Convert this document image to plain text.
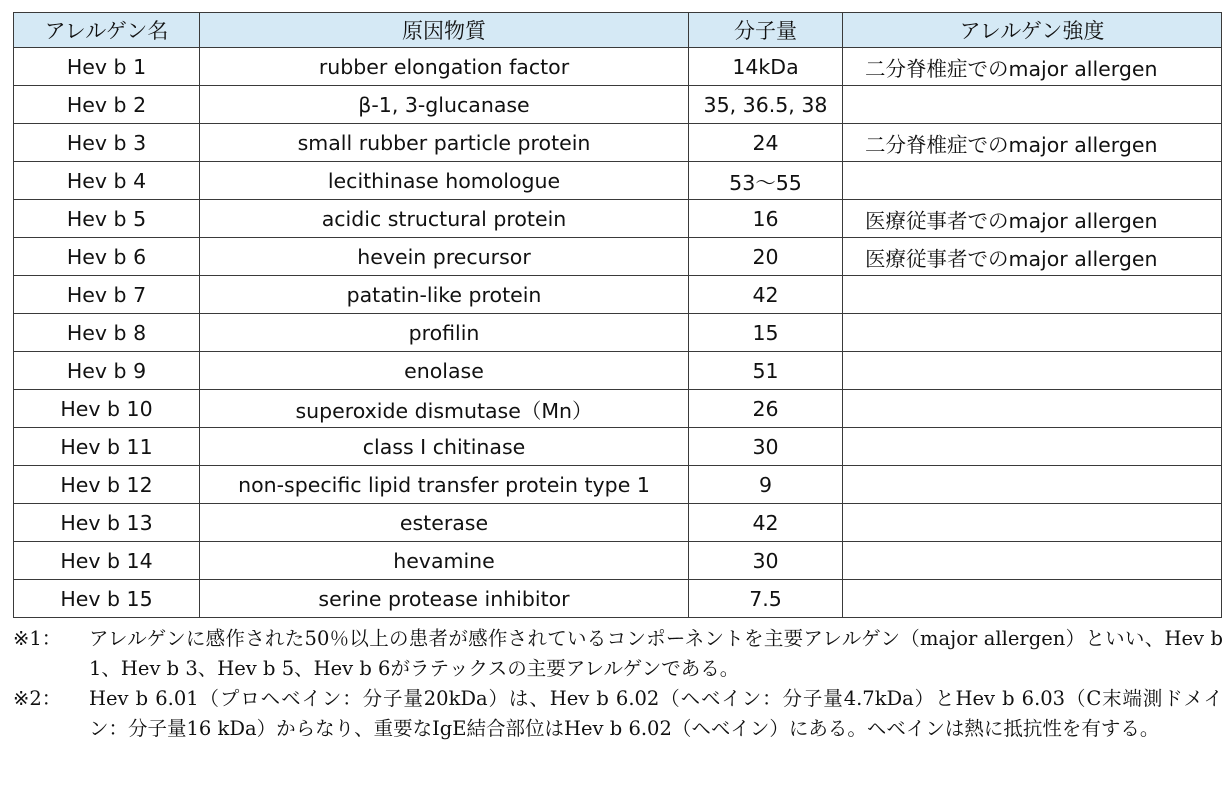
アレルゲン名	原因物質	分子量	アレルゲン強度
Hev b 1	rubber elongation factor	14kDa	二分脊椎症でのmajor allergen
Hev b 2	β-1, 3-glucanase	35, 36.5, 38	
Hev b 3	small rubber particle protein	24	二分脊椎症でのmajor allergen
Hev b 4	lecithinase homologue	53～55	
Hev b 5	acidic structural protein	16	医療従事者でのmajor allergen
Hev b 6	hevein precursor	20	医療従事者でのmajor allergen
Hev b 7	patatin-like protein	42	
Hev b 8	profilin	15	
Hev b 9	enolase	51	
Hev b 10	superoxide dismutase（Mn）	26	
Hev b 11	class I chitinase	30	
Hev b 12	non-specific lipid transfer protein type 1	9	
Hev b 13	esterase	42	
Hev b 14	hevamine	30	
Hev b 15	serine protease inhibitor	7.5	
※1：	アレルゲンに感作された50％以上の患者が感作されているコンポーネントを主要アレルゲン（major allergen）といい、Hev b 1、Hev b 3、Hev b 5、Hev b 6がラテックスの主要アレルゲンである。
※2：	Hev b 6.01（プロヘベイン：分子量20kDa）は、Hev b 6.02（ヘベイン：分子量4.7kDa）とHev b 6.03（C末端測ドメイン：分子量16 kDa）からなり、重要なIgE結合部位はHev b 6.02（ヘベイン）にある。ヘベインは熱に抵抗性を有する。
